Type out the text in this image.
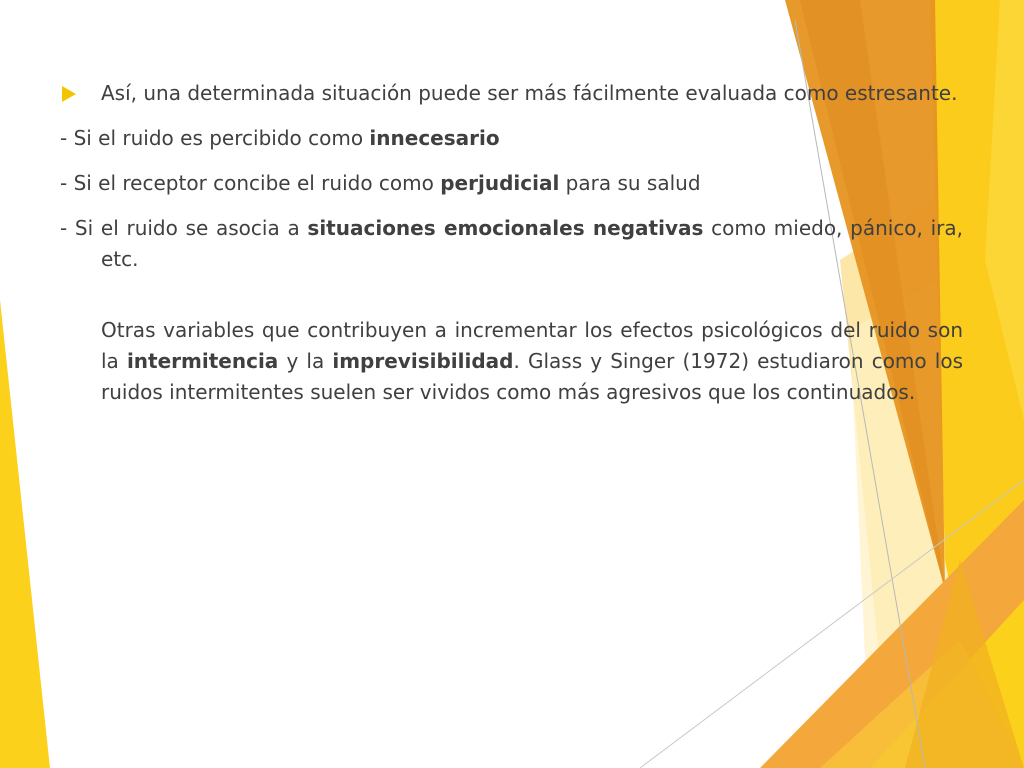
Así, una determinada situación puede ser más fácilmente evaluada como estresante.

- Si el ruido es percibido como innecesario

- Si el receptor concibe el ruido como perjudicial para su salud

- Si el ruido se asocia a situaciones emocionales negativas como miedo, pánico, ira, etc.

Otras variables que contribuyen a incrementar los efectos psicológicos del ruido son la intermitencia y la imprevisibilidad. Glass y Singer (1972) estudiaron como los ruidos intermitentes suelen ser vividos como más agresivos que los continuados.
